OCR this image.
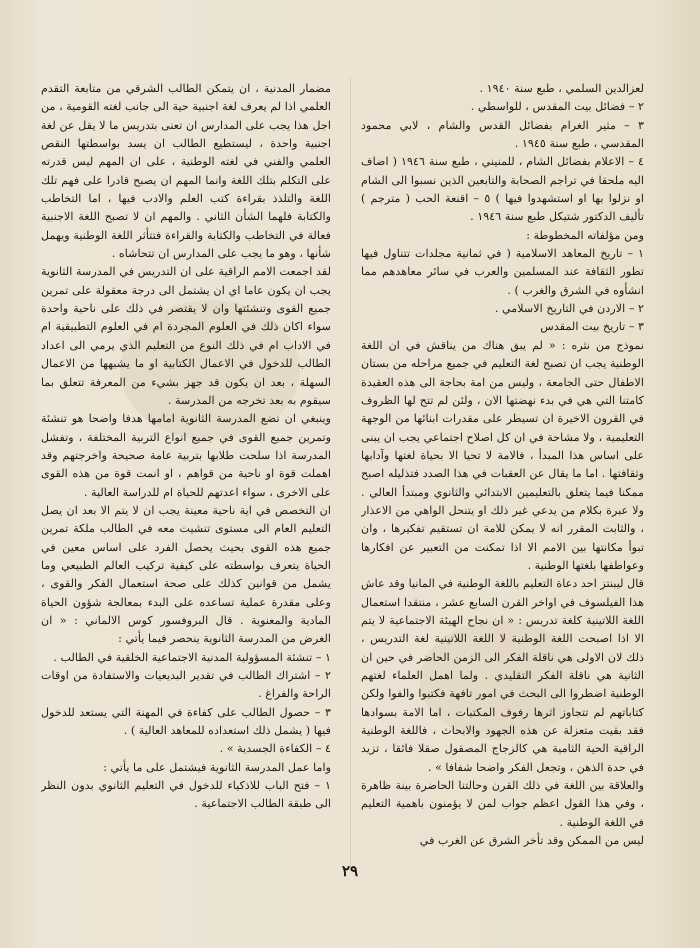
لعزالدين السلمي ، طبع سنة ١٩٤٠ .

٢ – فضائل بيت المقدس ، للواسطي .

٣ – مثير الغرام بفضائل القدس والشام ، لابي محمود المقدسي ، طبع سنة ١٩٤٥ .

٤ – الاعلام بفضائل الشام ، للمنيني ، طبع سنة ١٩٤٦ ( اضاف اليه ملحقا في تراجم الصحابة والتابعين الذين نسبوا الى الشام او نزلوا بها او استشهدوا فيها ) ٥ – اقنعة الحب ( مترجم ) تأليف الدكتور شتيكل طبع سنة ١٩٤٦ .

ومن مؤلفاته المخطوطة :

١ – تاريخ المعاهد الاسلامية ( في ثمانية مجلدات تتناول فيها تطور الثقافة عند المسلمين والعرب في سائر معاهدهم مما انشأوه في الشرق والغرب ) .

٢ – الاردن في التاريخ الاسلامي .

٣ – تاريخ بيت المقدس

نموذج من نثره : « لم يبق هناك من يناقش في ان اللغة الوطنية يجب ان تصبح لغة التعليم في جميع مراحله من بستان الاطفال حتى الجامعة ، وليس من امة بحاجة الى هذه العقيدة كامتنا التي هي في بدء نهضتها الان ، ولئن لم تتح لها الظروف في القرون الاخيرة ان تسيطر على مقدرات ابنائها من الوجهة التعليمية ، ولا مشاحة في ان كل اصلاح اجتماعي يجب ان يبنى على اساس هذا المبدأ ، فالامة لا تحيا الا بحياة لغتها وآدابها وثقافتها . اما ما يقال عن العقبات في هذا الصدد فتذليله اصبح ممكنا فيما يتعلق بالتعليمين الابتدائي والثانوي ومبتدأ العالي . ولا عبرة بكلام من يدعي غير ذلك او يتنحل الواهي من الاعذار ، والثابت المقرر انه لا يمكن للامة ان تستقيم تفكيرها ، وان تبوأ مكانتها بين الامم الا اذا تمكنت من التعبير عن افكارها وعواطفها بلغتها الوطنية .

قال ليبنتز احد دعاة التعليم باللغة الوطنية في المانيا وقد عاش هذا الفيلسوف في اواخر القرن السابع عشر ، منتقدا استعمال اللغة اللاتينية كلغة تدريس : « ان نجاح الهيئة الاجتماعية لا يتم الا اذا اصبحت اللغة الوطنية لا اللغة اللاتينية لغة التدريس ، ذلك لان الاولى هي ناقلة الفكر الى الزمن الحاضر في حين ان الثانية هي ناقلة الفكر التقليدي . ولما اهمل العلماء لغتهم الوطنية اضطروا الى البحث في امور تافهة فكتبوا والفوا ولكن كتاباتهم لم تتجاوز اثرها رفوف المكتبات ، اما الامة بسوادها فقد بقيت متعزلة عن هذه الجهود والابحاث ، فاللغة الوطنية الراقية الحية الثامية هي كالزجاج المصقول صقلا فائقا ، تزيد في حدة الذهن ، وتجعل الفكر واضحا شفافا » .

والعلاقة بين اللغة في ذلك القرن وحالتنا الحاضرة بينة ظاهرة ، وفي هذا القول اعظم جواب لمن لا يؤمنون باهمية التعليم في اللغة الوطنية .

ليس من الممكن وقد تأخر الشرق عن الغرب في

مضمار المدنية ، ان يتمكن الطالب الشرقي من متابعة التقدم العلمي اذا لم يعرف لغة اجنبية حية الى جانب لغته القومية ، من اجل هذا يجب على المدارس ان تعنى بتدريس ما لا يقل عن لغة اجنبية واحدة ، ليستطيع الطالب ان يسد بواسطتها النقص العلمي والفني في لغته الوطنية ، على ان المهم ليس قدرته على التكلم بتلك اللغة وانما المهم ان يصبح قادرا على فهم تلك اللغة والتلذذ بقراءة كتب العلم والادب فيها ، اما التخاطب والكتابة فلهما الشأن الثاني . والمهم ان لا تصبح اللغة الاجنبية فعالة في التخاطب والكتابة والقراءة فتتأثر اللغة الوطنية ويهمل شأنها ، وهو ما يجب على المدارس ان تتحاشاه .

لقد اجمعت الامم الراقية على ان التدريس في المدرسة الثانوية يجب ان يكون عاما اي ان يشتمل الى درجة معقولة على تمرين جميع القوى وتنشئتها وان لا يقتصر في ذلك على ناحية واحدة سواء اكان ذلك في العلوم المجردة ام في العلوم التطبيقية ام في الاداب ام في ذلك النوع من التعليم الذي يرمي الى اعداد الطالب للدخول في الاعمال الكتابية او ما يشبهها من الاعمال السهلة ، بعد ان يكون قد جهز بشيء من المعرفة تتعلق بما سيقوم به بعد تخرجه من المدرسة .

وينبغي ان تضع المدرسة الثانوية امامها هدفا واضحا هو تنشئة وتمرين جميع القوى في جميع انواع التربية المختلفة ، وتفشل المدرسة اذا سلحت طلابها بتربية عامة صحيحة واخرجتهم وقد اهملت قوة او ناحية من قواهم ، او انمت قوة من هذه القوى على الاخرى ، سواء اعدتهم للحياة ام للدراسة العالية .

ان التخصص في اية ناحية معينة يجب ان لا يتم الا بعد ان يصل التعليم العام الى مستوى تنشيت معه في الطالب ملكة تمرين جميع هذه القوى بحيث يحصل الفرد على اساس معين في الحياة يتعرف بواسطته على كيفية تركيب العالم الطبيعي وما يشمل من قوانين كذلك على صحة استعمال الفكر والقوى ، وعلى مقدرة عملية تساعده على البدء بمعالجة شؤون الحياة المادية والمعنوية . قال البروفسور كوس الالماني : « ان الغرض من المدرسة الثانوية ينحصر فيما يأتي :

١ – تنشئة المسؤولية المدنية الاجتماعية الخلقية في الطالب .

٢ – اشتراك الطالب في تقدير البديعيات والاستفادة من اوقات الراحة والفراغ .

٣ – حصول الطالب على كفاءة في المهنة التي يستعد للدخول فيها ( يشمل ذلك استعداده للمعاهد العالية ) .

٤ – الكفاءة الجسدية » .

واما عمل المدرسة الثانوية فيشتمل على ما يأتي :

١ – فتح الباب للاذكياء للدخول في التعليم الثانوي بدون النظر الى طبقة الطالب الاجتماعية .

٢٩
